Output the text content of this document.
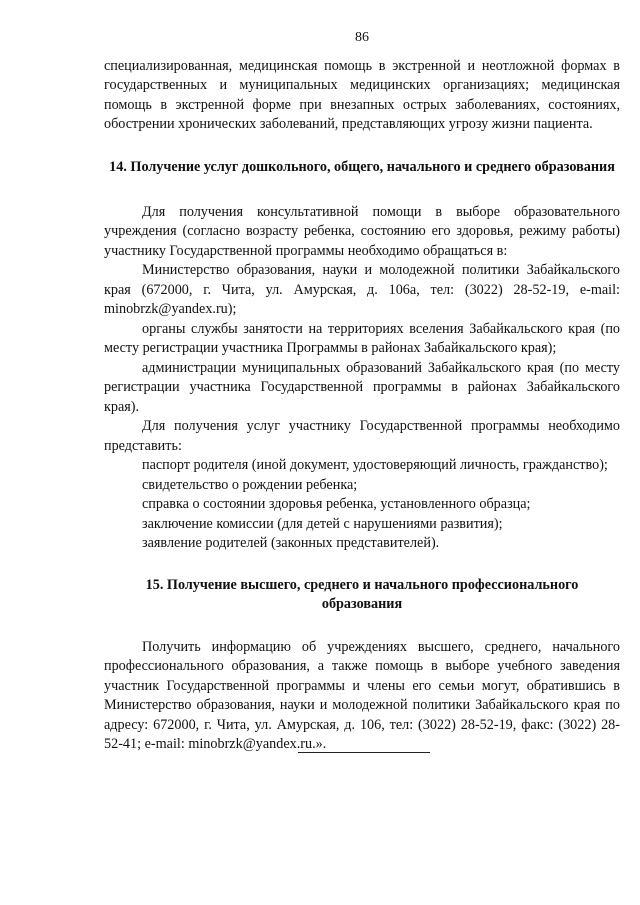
86

специализированная, медицинская помощь в экстренной и неотложной формах в государственных и муниципальных медицинских организациях; медицинская помощь в экстренной форме при внезапных острых заболеваниях, состояниях, обострении хронических заболеваний, представляющих угрозу жизни пациента.

14. Получение услуг дошкольного, общего, начального и среднего образования

Для получения консультативной помощи в выборе образовательного учреждения (согласно возрасту ребенка, состоянию его здоровья, режиму работы) участнику Государственной программы необходимо обращаться в:

Министерство образования, науки и молодежной политики Забайкальского края (672000, г. Чита, ул. Амурская, д. 106а, тел: (3022) 28-52-19, e-mail: minobrzk@yandex.ru);

органы службы занятости на территориях вселения Забайкальского края (по месту регистрации участника Программы в районах Забайкальского края);

администрации муниципальных образований Забайкальского края (по месту регистрации участника Государственной программы в районах Забайкальского края).

Для получения услуг участнику Государственной программы необходимо представить:

паспорт родителя (иной документ, удостоверяющий личность, гражданство);

свидетельство о рождении ребенка;

справка о состоянии здоровья ребенка, установленного образца;

заключение комиссии (для детей с нарушениями развития);

заявление родителей (законных представителей).

15. Получение высшего, среднего и начального профессионального образования

Получить информацию об учреждениях высшего, среднего, начального профессионального образования, а также помощь в выборе учебного заведения участник Государственной программы и члены его семьи могут, обратившись в Министерство образования, науки и молодежной политики Забайкальского края по адресу: 672000, г. Чита, ул. Амурская, д. 106, тел: (3022) 28-52-19, факс: (3022) 28-52-41; e-mail: minobrzk@yandex.ru.».
